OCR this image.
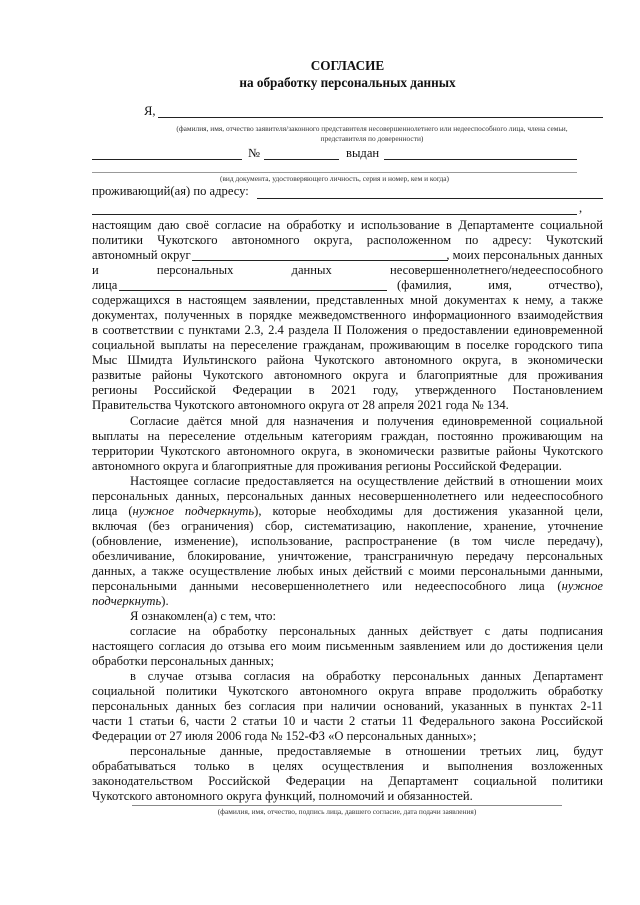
СОГЛАСИЕ
на обработку персональных данных
Я,
(фамилия, имя, отчество заявителя/законного представителя несовершеннолетнего или недееспособного лица, члена семьи,
представителя по доверенности)
№	выдан
(вид документа, удостоверяющего личность, серия и номер, кем и когда)
проживающий(ая) по адресу:
,
настоящим даю своё согласие на обработку и использование в Департаменте социальной
политики Чукотского автономного округа, расположенном по адресу: Чукотский
автономный округ	, моих персональных данных
и персональных данных несовершеннолетнего/недееспособного
лица	(фамилия, имя, отчество),
содержащихся в настоящем заявлении, представленных мной документах к нему, а также
документах, полученных в порядке межведомственного информационного взаимодействия
в соответствии с пунктами 2.3, 2.4 раздела II Положения о предоставлении единовременной
социальной выплаты на переселение гражданам, проживающим в поселке городского типа
Мыс Шмидта Иультинского района Чукотского автономного округа, в экономически
развитые районы Чукотского автономного округа и благоприятные для проживания
регионы Российской Федерации в 2021 году, утвержденного Постановлением
Правительства Чукотского автономного округа от 28 апреля 2021 года № 134.
Согласие даётся мной для назначения и получения единовременной социальной
выплаты на переселение отдельным категориям граждан, постоянно проживающим на
территории Чукотского автономного округа, в экономически развитые районы Чукотского
автономного округа и благоприятные для проживания регионы Российской Федерации.
Настоящее согласие предоставляется на осуществление действий в отношении моих
персональных данных, персональных данных несовершеннолетнего или недееспособного
лица (нужное подчеркнуть), которые необходимы для достижения указанной цели,
включая (без ограничения) сбор, систематизацию, накопление, хранение, уточнение
(обновление, изменение), использование, распространение (в том числе передачу),
обезличивание, блокирование, уничтожение, трансграничную передачу персональных
данных, а также осуществление любых иных действий с моими персональными данными,
персональными данными несовершеннолетнего или недееспособного лица (нужное
подчеркнуть).
Я ознакомлен(а) с тем, что:
согласие на обработку персональных данных действует с даты подписания
настоящего согласия до отзыва его моим письменным заявлением или до достижения цели
обработки персональных данных;
в случае отзыва согласия на обработку персональных данных Департамент
социальной политики Чукотского автономного округа вправе продолжить обработку
персональных данных без согласия при наличии оснований, указанных в пунктах 2-11
части 1 статьи 6, части 2 статьи 10 и части 2 статьи 11 Федерального закона Российской
Федерации от 27 июля 2006 года № 152-ФЗ «О персональных данных»;
персональные данные, предоставляемые в отношении третьих лиц, будут
обрабатываться только в целях осуществления и выполнения возложенных
законодательством Российской Федерации на Департамент социальной политики
Чукотского автономного округа функций, полномочий и обязанностей.
(фамилия, имя, отчество, подпись лица, давшего согласие, дата подачи заявления)
